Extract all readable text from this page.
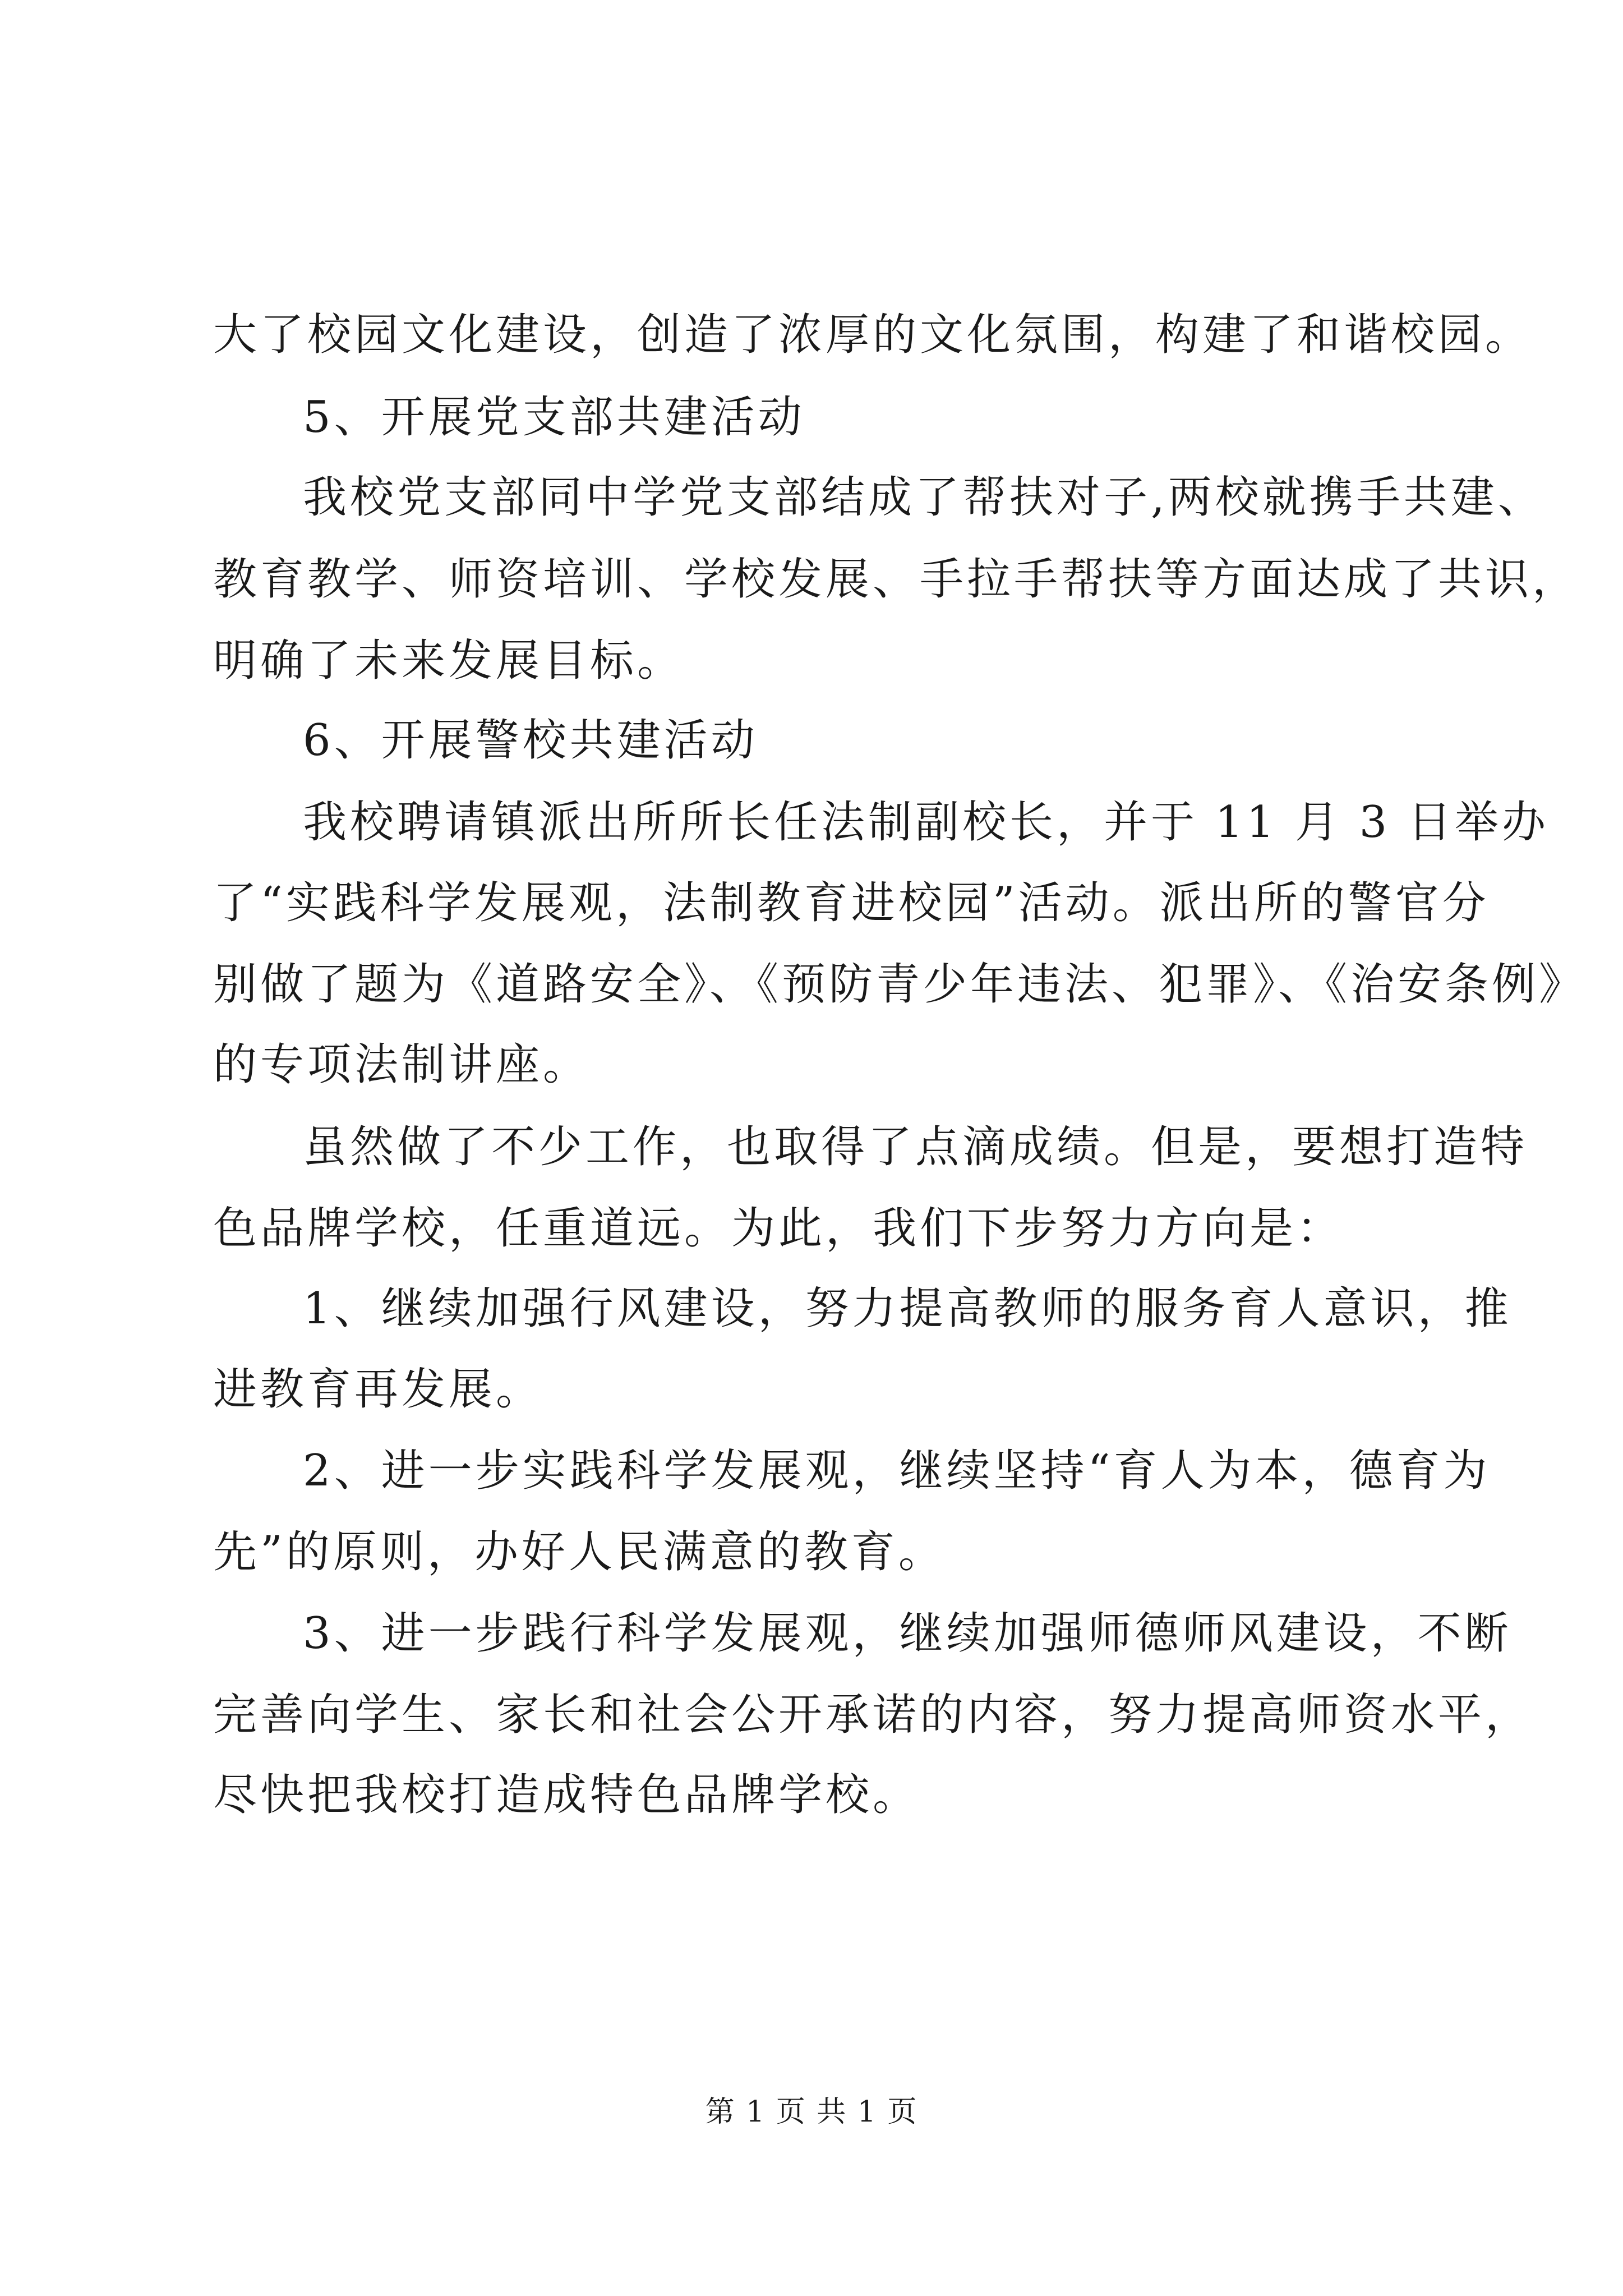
大了校园文化建设，创造了浓厚的文化氛围，构建了和谐校园。
5、开展党支部共建活动
我校党支部同中学党支部结成了帮扶对子,两校就携手共建、
教育教学、师资培训、学校发展、手拉手帮扶等方面达成了共识，
明确了未来发展目标。
6、开展警校共建活动
我校聘请镇派出所所长任法制副校长，并于 11 月 3 日举办
了“实践科学发展观，法制教育进校园”活动。派出所的警官分
别做了题为《道路安全》、《预防青少年违法、犯罪》、《治安条例》
的专项法制讲座。
虽然做了不少工作，也取得了点滴成绩。但是，要想打造特
色品牌学校，任重道远。为此，我们下步努力方向是：
1、继续加强行风建设，努力提高教师的服务育人意识，推
进教育再发展。
2、进一步实践科学发展观，继续坚持“育人为本，德育为
先”的原则，办好人民满意的教育。
3、进一步践行科学发展观，继续加强师德师风建设，不断
完善向学生、家长和社会公开承诺的内容，努力提高师资水平，
尽快把我校打造成特色品牌学校。
第 1 页 共 1 页
